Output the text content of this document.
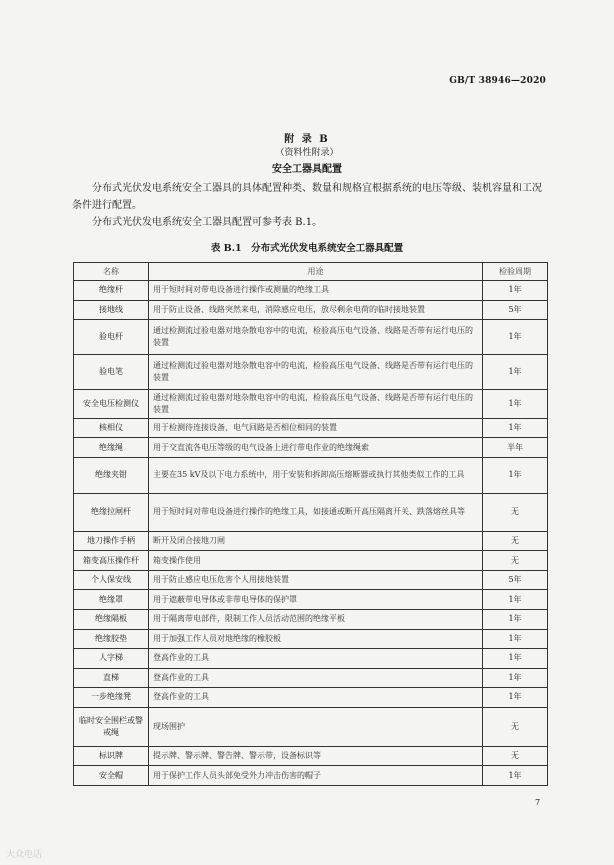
GB/T 38946—2020
附 录 B
（资料性附录）
安全工器具配置
分布式光伏发电系统安全工器具的具体配置种类、数量和规格宜根据系统的电压等级、装机容量和工况条件进行配置。
分布式光伏发电系统安全工器具配置可参考表 B.1。
表 B.1　分布式光伏发电系统安全工器具配置
名称	用途	检验周期
绝缘杆	用于短时间对带电设备进行操作或测量的绝缘工具	1年
接地线	用于防止设备、线路突然来电，消除感应电压，放尽剩余电荷的临时接地装置	5年
验电杆	通过检测流过验电器对地杂散电容中的电流，检验高压电气设备、线路是否带有运行电压的装置	1年
验电笔	通过检测流过验电器对地杂散电容中的电流，检验高压电气设备、线路是否带有运行电压的装置	1年
安全电压检测仪	通过检测流过验电器对地杂散电容中的电流，检验高压电气设备、线路是否带有运行电压的装置	1年
核相仪	用于检测待连接设备、电气回路是否相位相同的装置	1年
绝缘绳	用于交直流各电压等级的电气设备上进行带电作业的绝缘绳索	半年
绝缘夹钳	主要在35 kV及以下电力系统中，用于安装和拆卸高压熔断器或执行其他类似工作的工具	1年
绝缘拉闸杆	用于短时间对带电设备进行操作的绝缘工具，如接通或断开高压隔离开关、跌落熔丝具等	无
地刀操作手柄	断开及闭合接地刀闸	无
箱变高压操作杆	箱变操作使用	无
个人保安线	用于防止感应电压危害个人用接地装置	5年
绝缘罩	用于遮蔽带电导体或非带电导体的保护罩	1年
绝缘隔板	用于隔离带电部件，限制工作人员活动范围的绝缘平板	1年
绝缘胶垫	用于加强工作人员对地绝缘的橡胶板	1年
人字梯	登高作业的工具	1年
直梯	登高作业的工具	1年
一步绝缘凳	登高作业的工具	1年
临时安全围栏或警戒绳	现场围护	无
标识牌	提示牌、警示牌、警告牌、警示带，设备标识等	无
安全帽	用于保护工作人员头部免受外力冲击伤害的帽子	1年
7
大众电话
